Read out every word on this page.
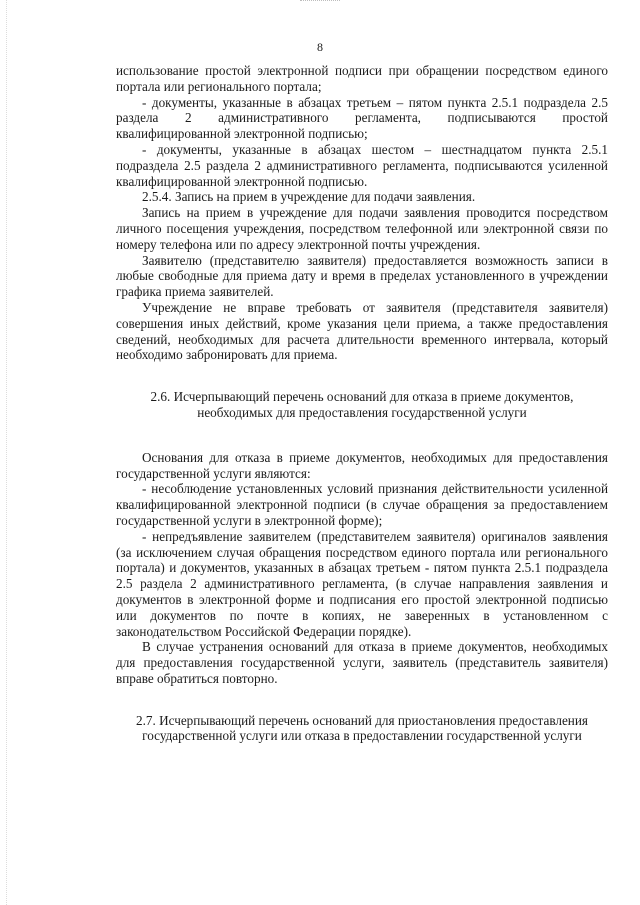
8

использование простой электронной подписи при обращении посредством единого портала или регионального портала;

- документы, указанные в абзацах третьем – пятом пункта 2.5.1 подраздела 2.5 раздела 2 административного регламента, подписываются простой квалифицированной электронной подписью;

- документы, указанные в абзацах шестом – шестнадцатом пункта 2.5.1 подраздела 2.5 раздела 2 административного регламента, подписываются усиленной квалифицированной электронной подписью.

2.5.4. Запись на прием в учреждение для подачи заявления.

Запись на прием в учреждение для подачи заявления проводится посредством личного посещения учреждения, посредством телефонной или электронной связи по номеру телефона или по адресу электронной почты учреждения.

Заявителю (представителю заявителя) предоставляется возможность записи в любые свободные для приема дату и время в пределах установленного в учреждении графика приема заявителей.

Учреждение не вправе требовать от заявителя (представителя заявителя) совершения иных действий, кроме указания цели приема, а также предоставления сведений, необходимых для расчета длительности временного интервала, который необходимо забронировать для приема.

2.6. Исчерпывающий перечень оснований для отказа в приеме документов, необходимых для предоставления государственной услуги

Основания для отказа в приеме документов, необходимых для предоставления государственной услуги являются:

- несоблюдение установленных условий признания действительности усиленной квалифицированной электронной подписи (в случае обращения за предоставлением государственной услуги в электронной форме);

- непредъявление заявителем (представителем заявителя) оригиналов заявления (за исключением случая обращения посредством единого портала или регионального портала) и документов, указанных в абзацах третьем - пятом пункта 2.5.1 подраздела 2.5 раздела 2 административного регламента, (в случае направления заявления и документов в электронной форме и подписания его простой электронной подписью или документов по почте в копиях, не заверенных в установленном с законодательством Российской Федерации порядке).

В случае устранения оснований для отказа в приеме документов, необходимых для предоставления государственной услуги, заявитель (представитель заявителя) вправе обратиться повторно.

2.7. Исчерпывающий перечень оснований для приостановления предоставления государственной услуги или отказа в предоставлении государственной услуги
